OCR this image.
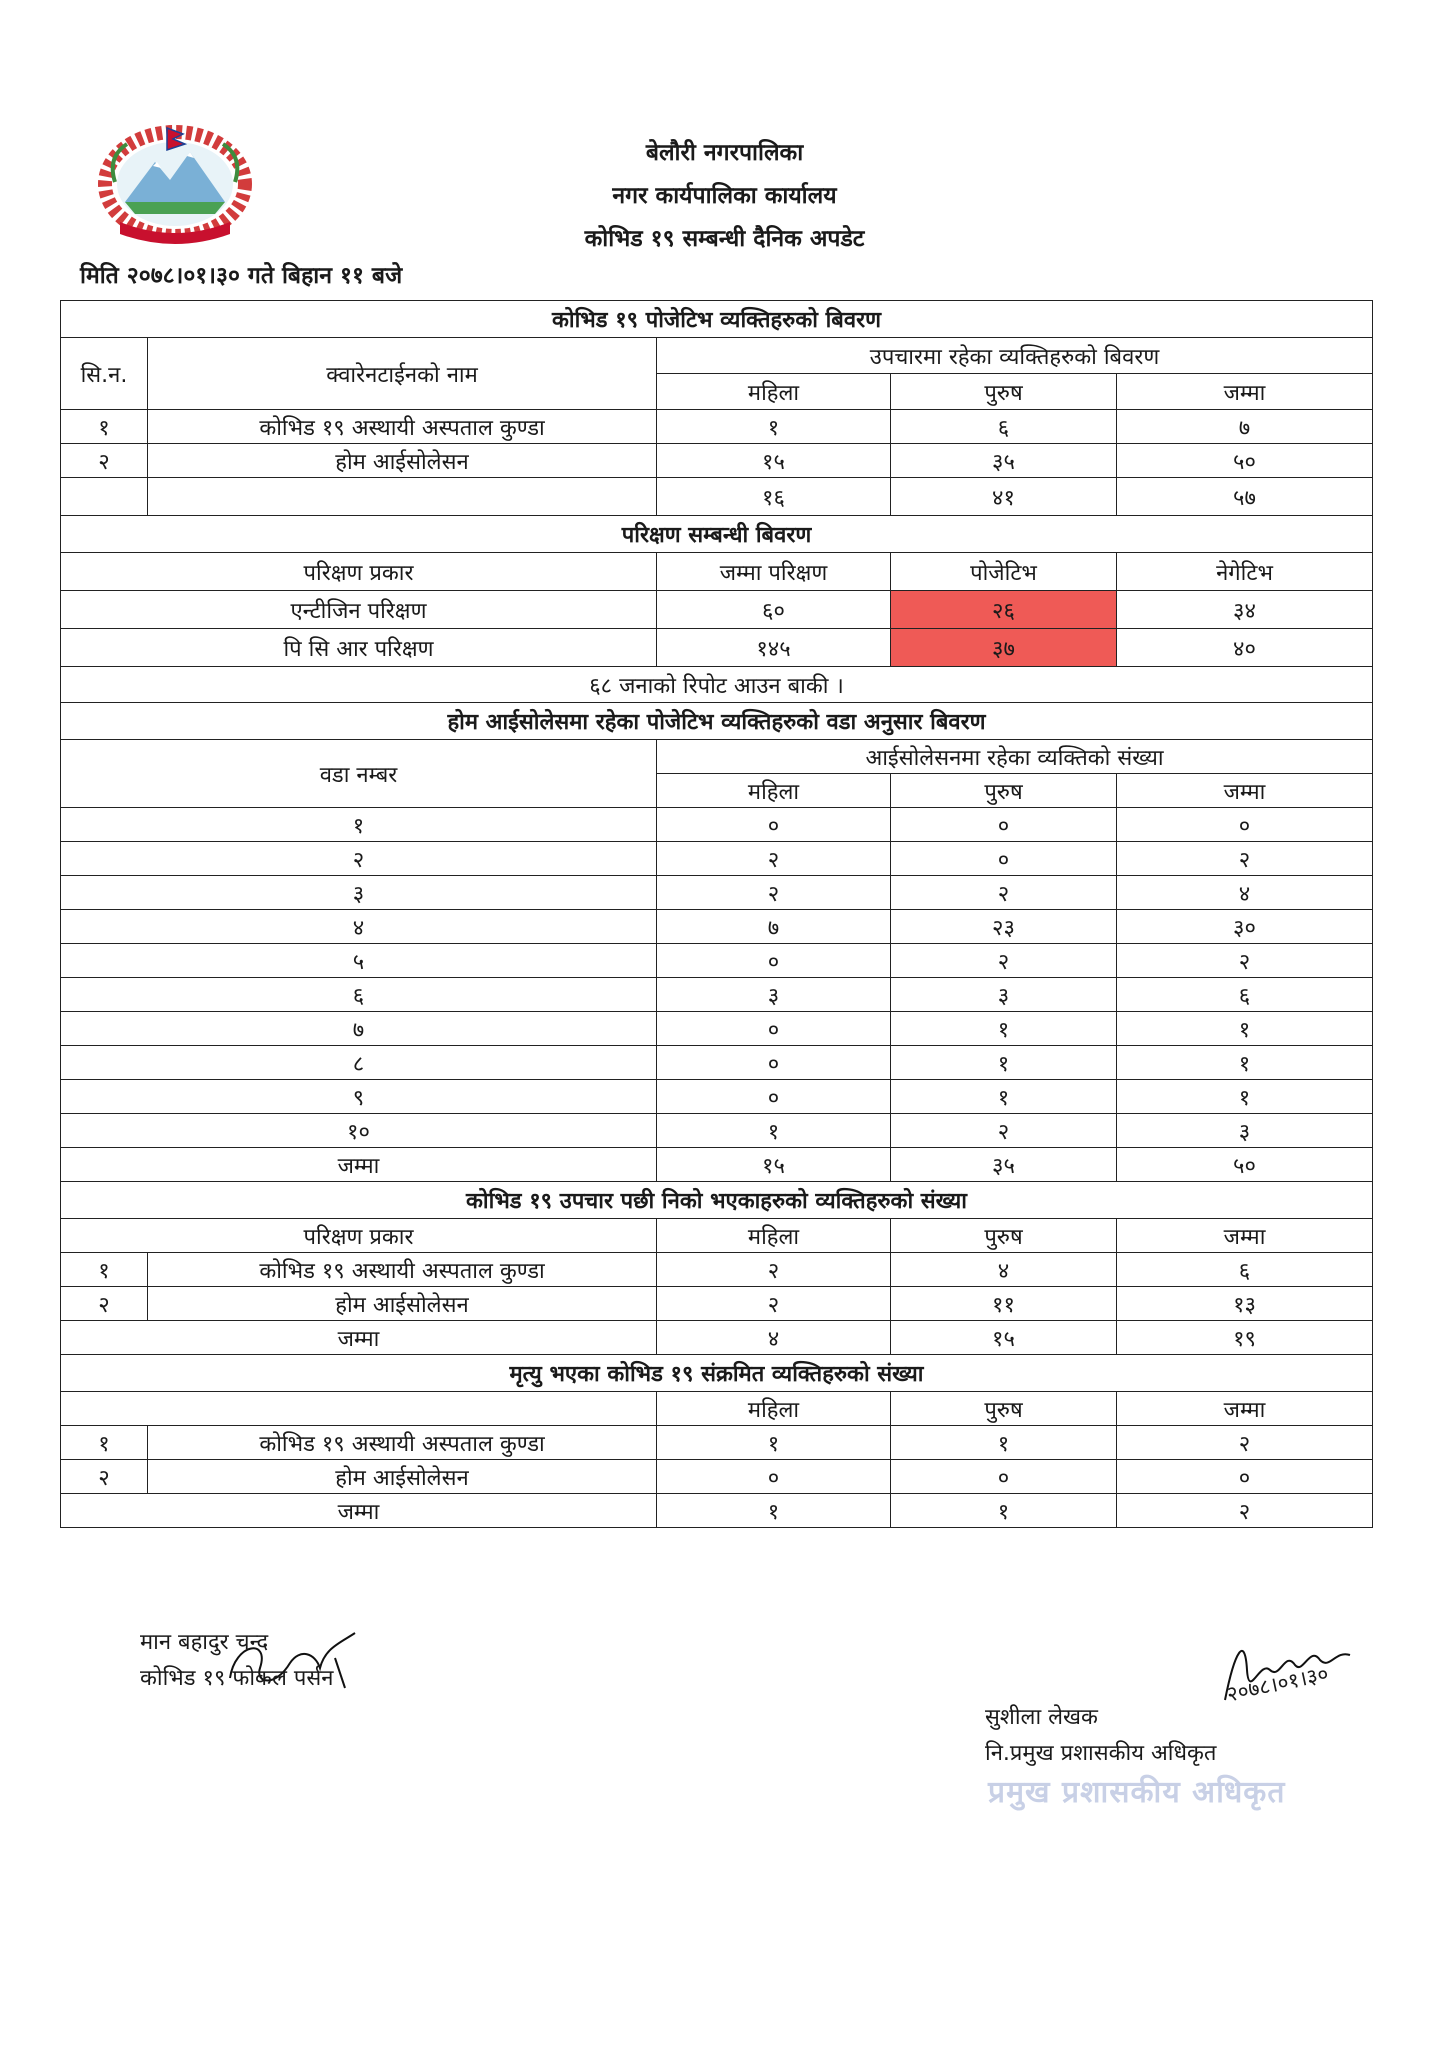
बेलौरी नगरपालिका
नगर कार्यपालिका कार्यालय
कोभिड १९ सम्बन्धी दैनिक अपडेट
मिति २०७८।०१।३० गते बिहान ११ बजे
कोभिड १९ पोजेटिभ व्यक्तिहरुको बिवरण				
सि.न.	क्वारेनटाईनको नाम	उपचारमा रहेका व्यक्तिहरुको बिवरण		
		महिला	पुरुष	जम्मा
१	कोभिड १९ अस्थायी अस्पताल कुण्डा	१	६	७
२	होम आईसोलेसन	१५	३५	५०
		१६	४१	५७
परिक्षण सम्बन्धी बिवरण			
परिक्षण प्रकार	जम्मा परिक्षण	पोजेटिभ	नेगेटिभ
एन्टीजिन परिक्षण	६०	२६	३४
पि सि आर परिक्षण	१४५	३७	४०
६८ जनाको रिपोट आउन बाकी ।			
होम आईसोलेसमा रहेका पोजेटिभ व्यक्तिहरुको वडा अनुसार बिवरण			
वडा नम्बर	आईसोलेसनमा रहेका व्यक्तिको संख्या		
	महिला	पुरुष	जम्मा
१	०	०	०
२	२	०	२
३	२	२	४
४	७	२३	३०
५	०	२	२
६	३	३	६
७	०	१	१
८	०	१	१
९	०	१	१
१०	१	२	३
जम्मा	१५	३५	५०
कोभिड १९ उपचार पछी निको भएकाहरुको व्यक्तिहरुको संख्या				
परिक्षण प्रकार		महिला	पुरुष	जम्मा
१	कोभिड १९ अस्थायी अस्पताल कुण्डा	२	४	६
२	होम आईसोलेसन	२	११	१३
जम्मा		४	१५	१९
मृत्यु भएका कोभिड १९ संक्रमित व्यक्तिहरुको संख्या				
		महिला	पुरुष	जम्मा
१	कोभिड १९ अस्थायी अस्पताल कुण्डा	१	१	२
२	होम आईसोलेसन	०	०	०
जम्मा		१	१	२
मान बहादुर चन्द
कोभिड १९ फोकल पर्सन	२०७८।०१।३०
सुशीला लेखक
नि.प्रमुख प्रशासकीय अधिकृत
प्रमुख प्रशासकीय अधिकृत
